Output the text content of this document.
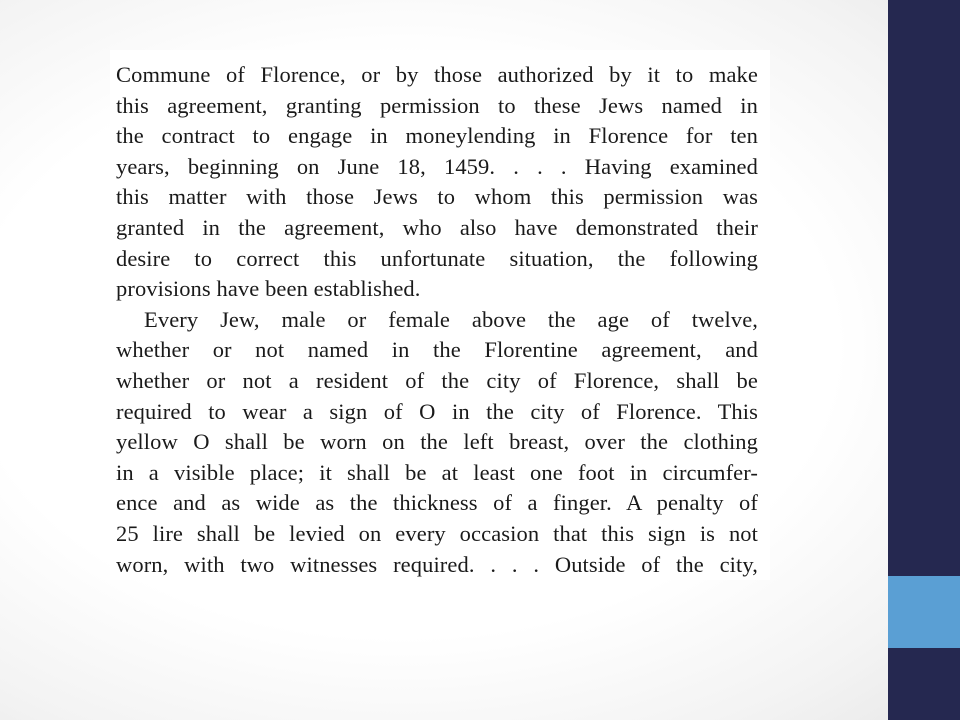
Commune of Florence, or by those authorized by it to make
this agreement, granting permission to these Jews named in
the contract to engage in moneylending in Florence for ten
years, beginning on June 18, 1459. . . . Having examined
this matter with those Jews to whom this permission was
granted in the agreement, who also have demonstrated their
desire to correct this unfortunate situation, the following
provisions have been established.

Every Jew, male or female above the age of twelve,
whether or not named in the Florentine agreement, and
whether or not a resident of the city of Florence, shall be
required to wear a sign of O in the city of Florence. This
yellow O shall be worn on the left breast, over the clothing
in a visible place; it shall be at least one foot in circumfer-
ence and as wide as the thickness of a finger. A penalty of
25 lire shall be levied on every occasion that this sign is not
worn, with two witnesses required. . . . Outside of the city,
